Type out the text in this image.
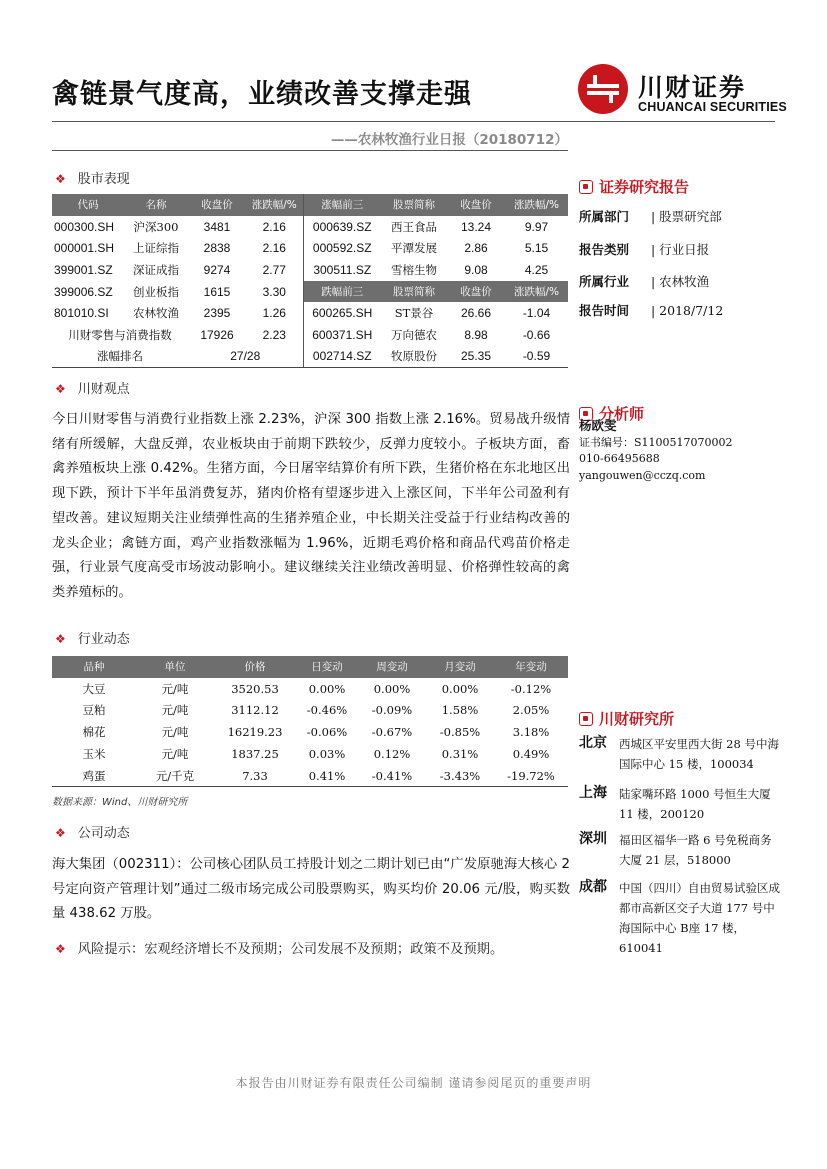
禽链景气度高，业绩改善支撑走强	川财证券
CHUANCAI SECURITIES
——农林牧渔行业日报（20180712）
❖ 股市表现
代码	名称	收盘价	涨跌幅/%	涨幅前三	股票简称	收盘价	涨跌幅/%
000300.SH	沪深300	3481	2.16	000639.SZ	西王食品	13.24	9.97
000001.SH	上证综指	2838	2.16	000592.SZ	平潭发展	2.86	5.15
399001.SZ	深证成指	9274	2.77	300511.SZ	雪榕生物	9.08	4.25
399006.SZ	创业板指	1615	3.30	跌幅前三	股票简称	收盘价	涨跌幅/%
801010.SI	农林牧渔	2395	1.26	600265.SH	ST景谷	26.66	-1.04
川财零售与消费指数		17926	2.23	600371.SH	万向德农	8.98	-0.66
涨幅排名		27/28		002714.SZ	牧原股份	25.35	-0.59
❖ 川财观点
今日川财零售与消费行业指数上涨 2.23%，沪深 300 指数上涨 2.16%。贸易战升级情绪有所缓解，大盘反弹，农业板块由于前期下跌较少，反弹力度较小。子板块方面，畜禽养殖板块上涨 0.42%。生猪方面，今日屠宰结算价有所下跌，生猪价格在东北地区出现下跌，预计下半年虽消费复苏，猪肉价格有望逐步进入上涨区间，下半年公司盈利有望改善。建议短期关注业绩弹性高的生猪养殖企业，中长期关注受益于行业结构改善的龙头企业；禽链方面，鸡产业指数涨幅为 1.96%，近期毛鸡价格和商品代鸡苗价格走强，行业景气度高受市场波动影响小。建议继续关注业绩改善明显、价格弹性较高的禽类养殖标的。
❖ 行业动态
品种	单位	价格	日变动	周变动	月变动	年变动
大豆	元/吨	3520.53	0.00%	0.00%	0.00%	-0.12%
豆粕	元/吨	3112.12	-0.46%	-0.09%	1.58%	2.05%
棉花	元/吨	16219.23	-0.06%	-0.67%	-0.85%	3.18%
玉米	元/吨	1837.25	0.03%	0.12%	0.31%	0.49%
鸡蛋	元/千克	7.33	0.41%	-0.41%	-3.43%	-19.72%
数据来源：Wind、川财研究所
❖ 公司动态
海大集团（002311）：公司核心团队员工持股计划之二期计划已由“广发原驰海大核心 2 号定向资产管理计划”通过二级市场完成公司股票购买，购买均价 20.06 元/股，购买数量 438.62 万股。
❖ 风险提示：宏观经济增长不及预期；公司发展不及预期；政策不及预期。
证券研究报告
所属部门 | 股票研究部
报告类别 | 行业日报
所属行业 | 农林牧渔
报告时间 | 2018/7/12
分析师
杨欧雯
证书编号：S1100517070002
010-66495688
yangouwen@cczq.com
川财研究所
北京 西城区平安里西大街 28 号中海国际中心 15 楼，100034
上海 陆家嘴环路 1000 号恒生大厦 11 楼，200120
深圳 福田区福华一路 6 号免税商务大厦 21 层，518000
成都 中国（四川）自由贸易试验区成都市高新区交子大道 177 号中海国际中心 B座 17 楼，610041
本报告由川财证券有限责任公司编制 谨请参阅尾页的重要声明
